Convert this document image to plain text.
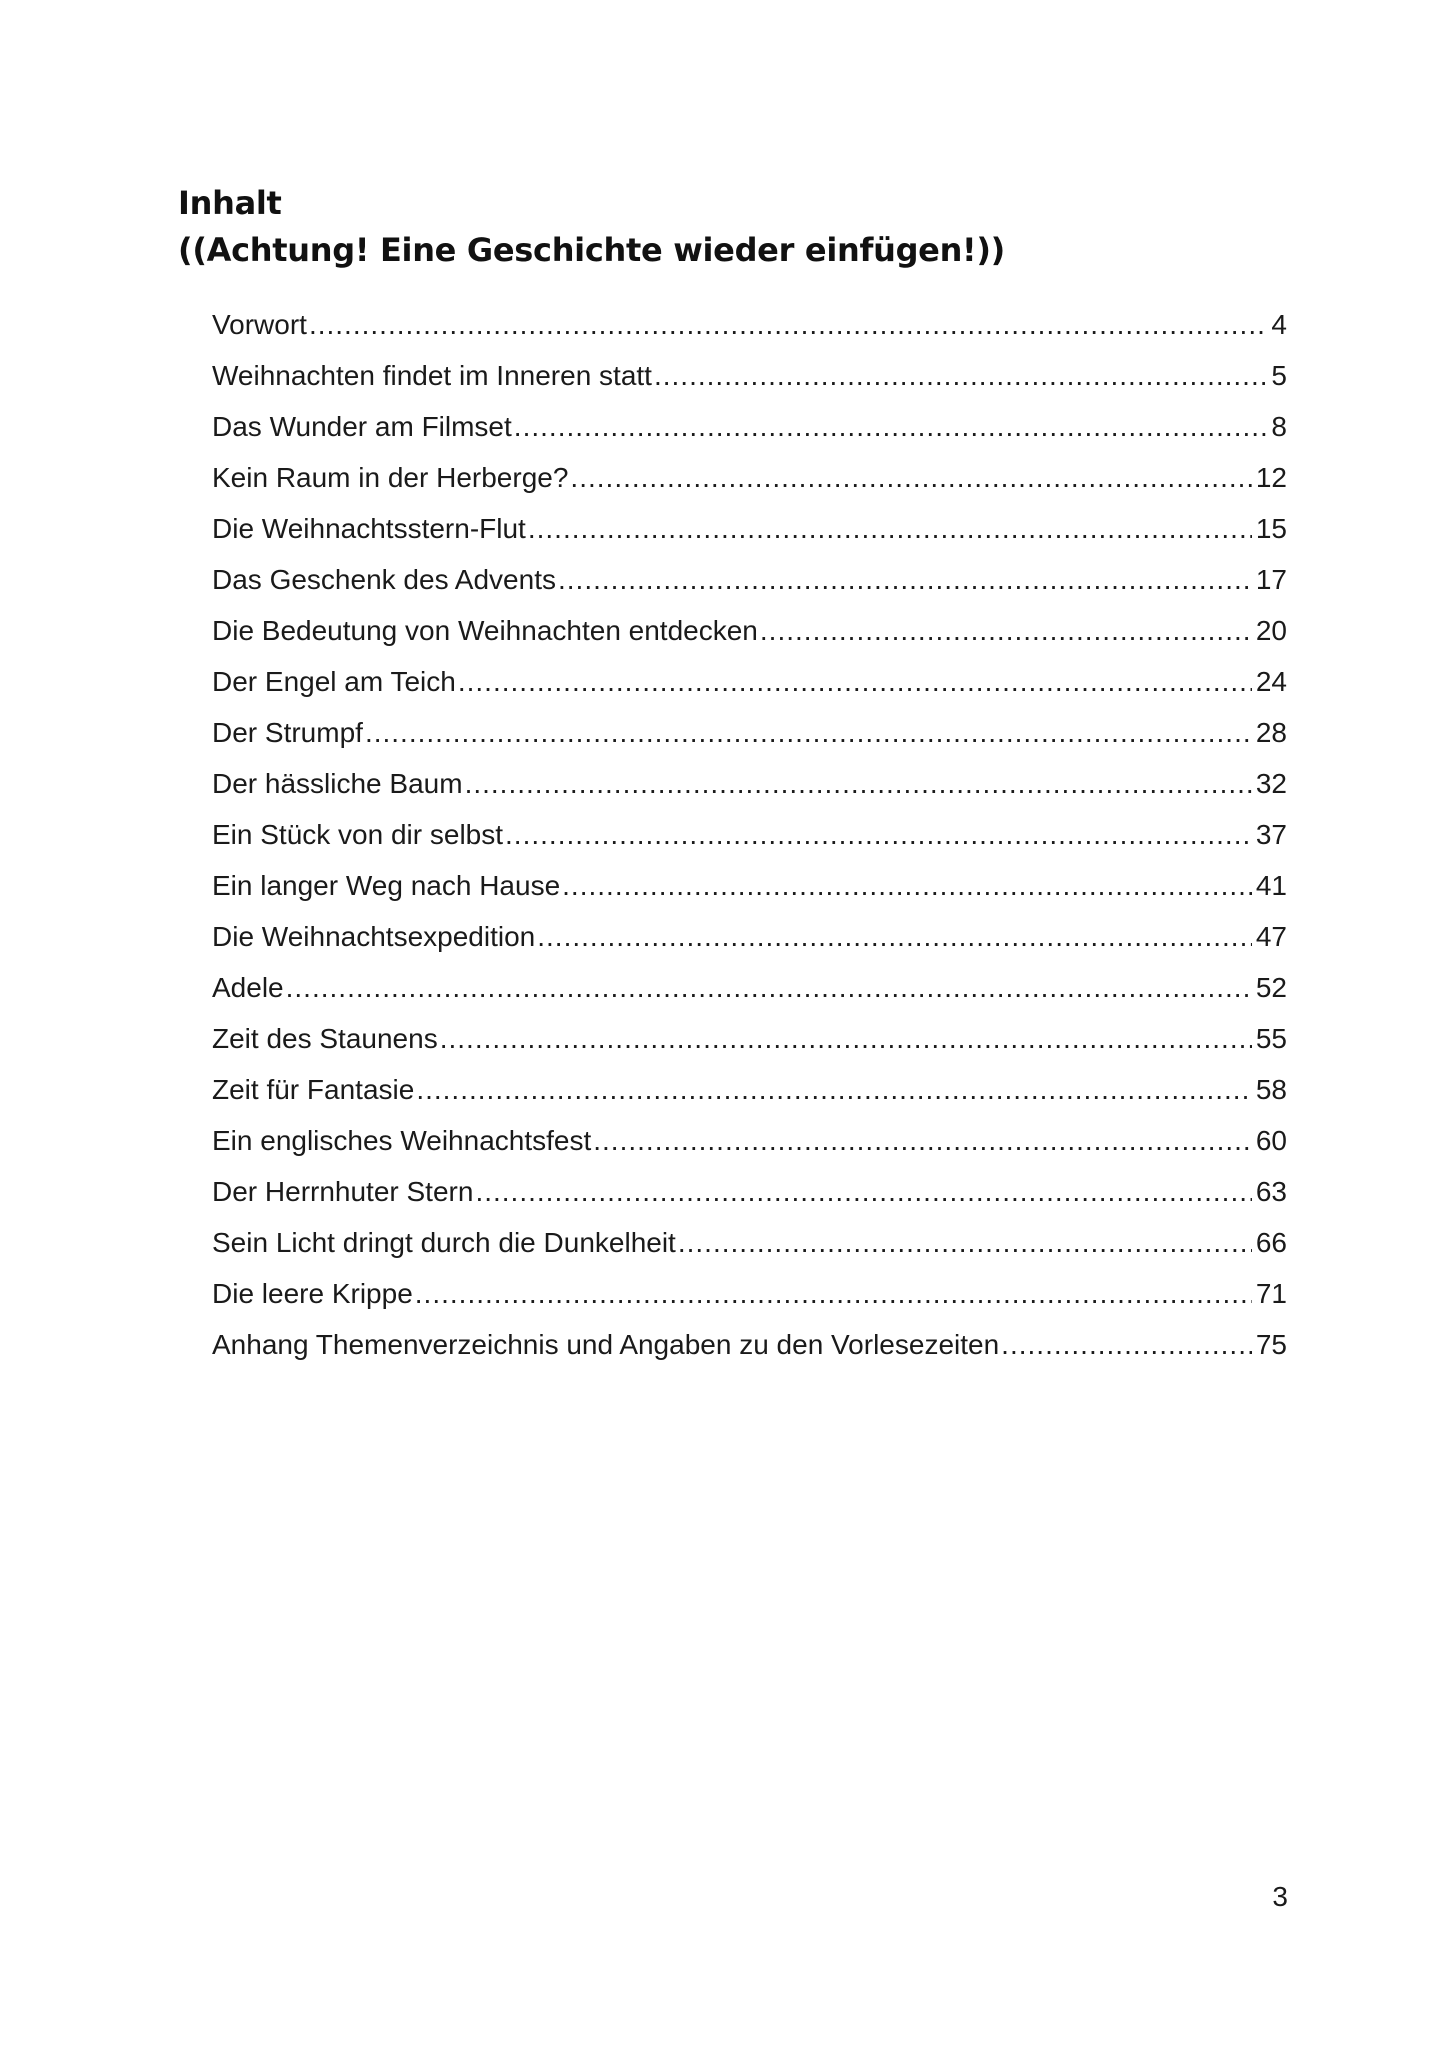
Inhalt
((Achtung! Eine Geschichte wieder einfügen!))
Vorwort .....	4
Weihnachten findet im Inneren statt .....	5
Das Wunder am Filmset .....	8
Kein Raum in der Herberge? .....	12
Die Weihnachtsstern-Flut .....	15
Das Geschenk des Advents .....	17
Die Bedeutung von Weihnachten entdecken .....	20
Der Engel am Teich .....	24
Der Strumpf .....	28
Der hässliche Baum .....	32
Ein Stück von dir selbst .....	37
Ein langer Weg nach Hause .....	41
Die Weihnachtsexpedition .....	47
Adele .....	52
Zeit des Staunens .....	55
Zeit für Fantasie .....	58
Ein englisches Weihnachtsfest .....	60
Der Herrnhuter Stern .....	63
Sein Licht dringt durch die Dunkelheit .....	66
Die leere Krippe .....	71
Anhang Themenverzeichnis und Angaben zu den Vorlesezeiten .....	75
3
